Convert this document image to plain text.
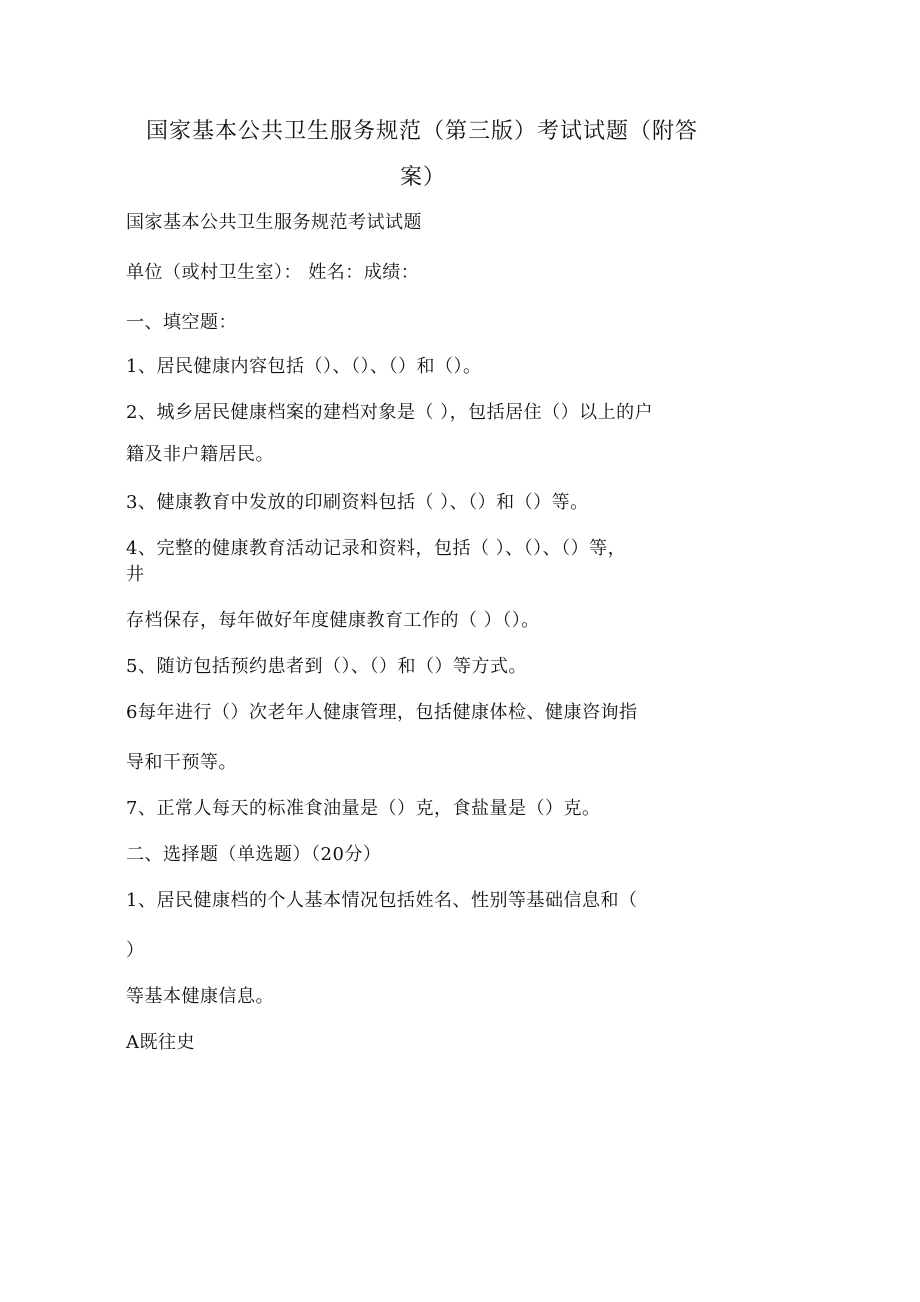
国家基本公共卫生服务规范（第三版）考试试题（附答
案）
国家基本公共卫生服务规范考试试题
单位（或村卫生室）： 姓名：成绩：
一、填空题：
1、居民健康内容包括（）、（）、（）和（）。
2、城乡居民健康档案的建档对象是（ ），包括居住（）以上的户
籍及非户籍居民。
3、健康教育中发放的印刷资料包括（ ）、（）和（）等。
4、完整的健康教育活动记录和资料，包括（ ）、（）、（）等，
井
存档保存，每年做好年度健康教育工作的（ ）（）。
5、随访包括预约患者到（）、（）和（）等方式。
6每年进行（）次老年人健康管理，包括健康体检、健康咨询指
导和干预等。
7、正常人每天的标准食油量是（）克，食盐量是（）克。
二、选择题（单选题）（20分）
1、居民健康档的个人基本情况包括姓名、性别等基础信息和（
）
等基本健康信息。
A既往史
